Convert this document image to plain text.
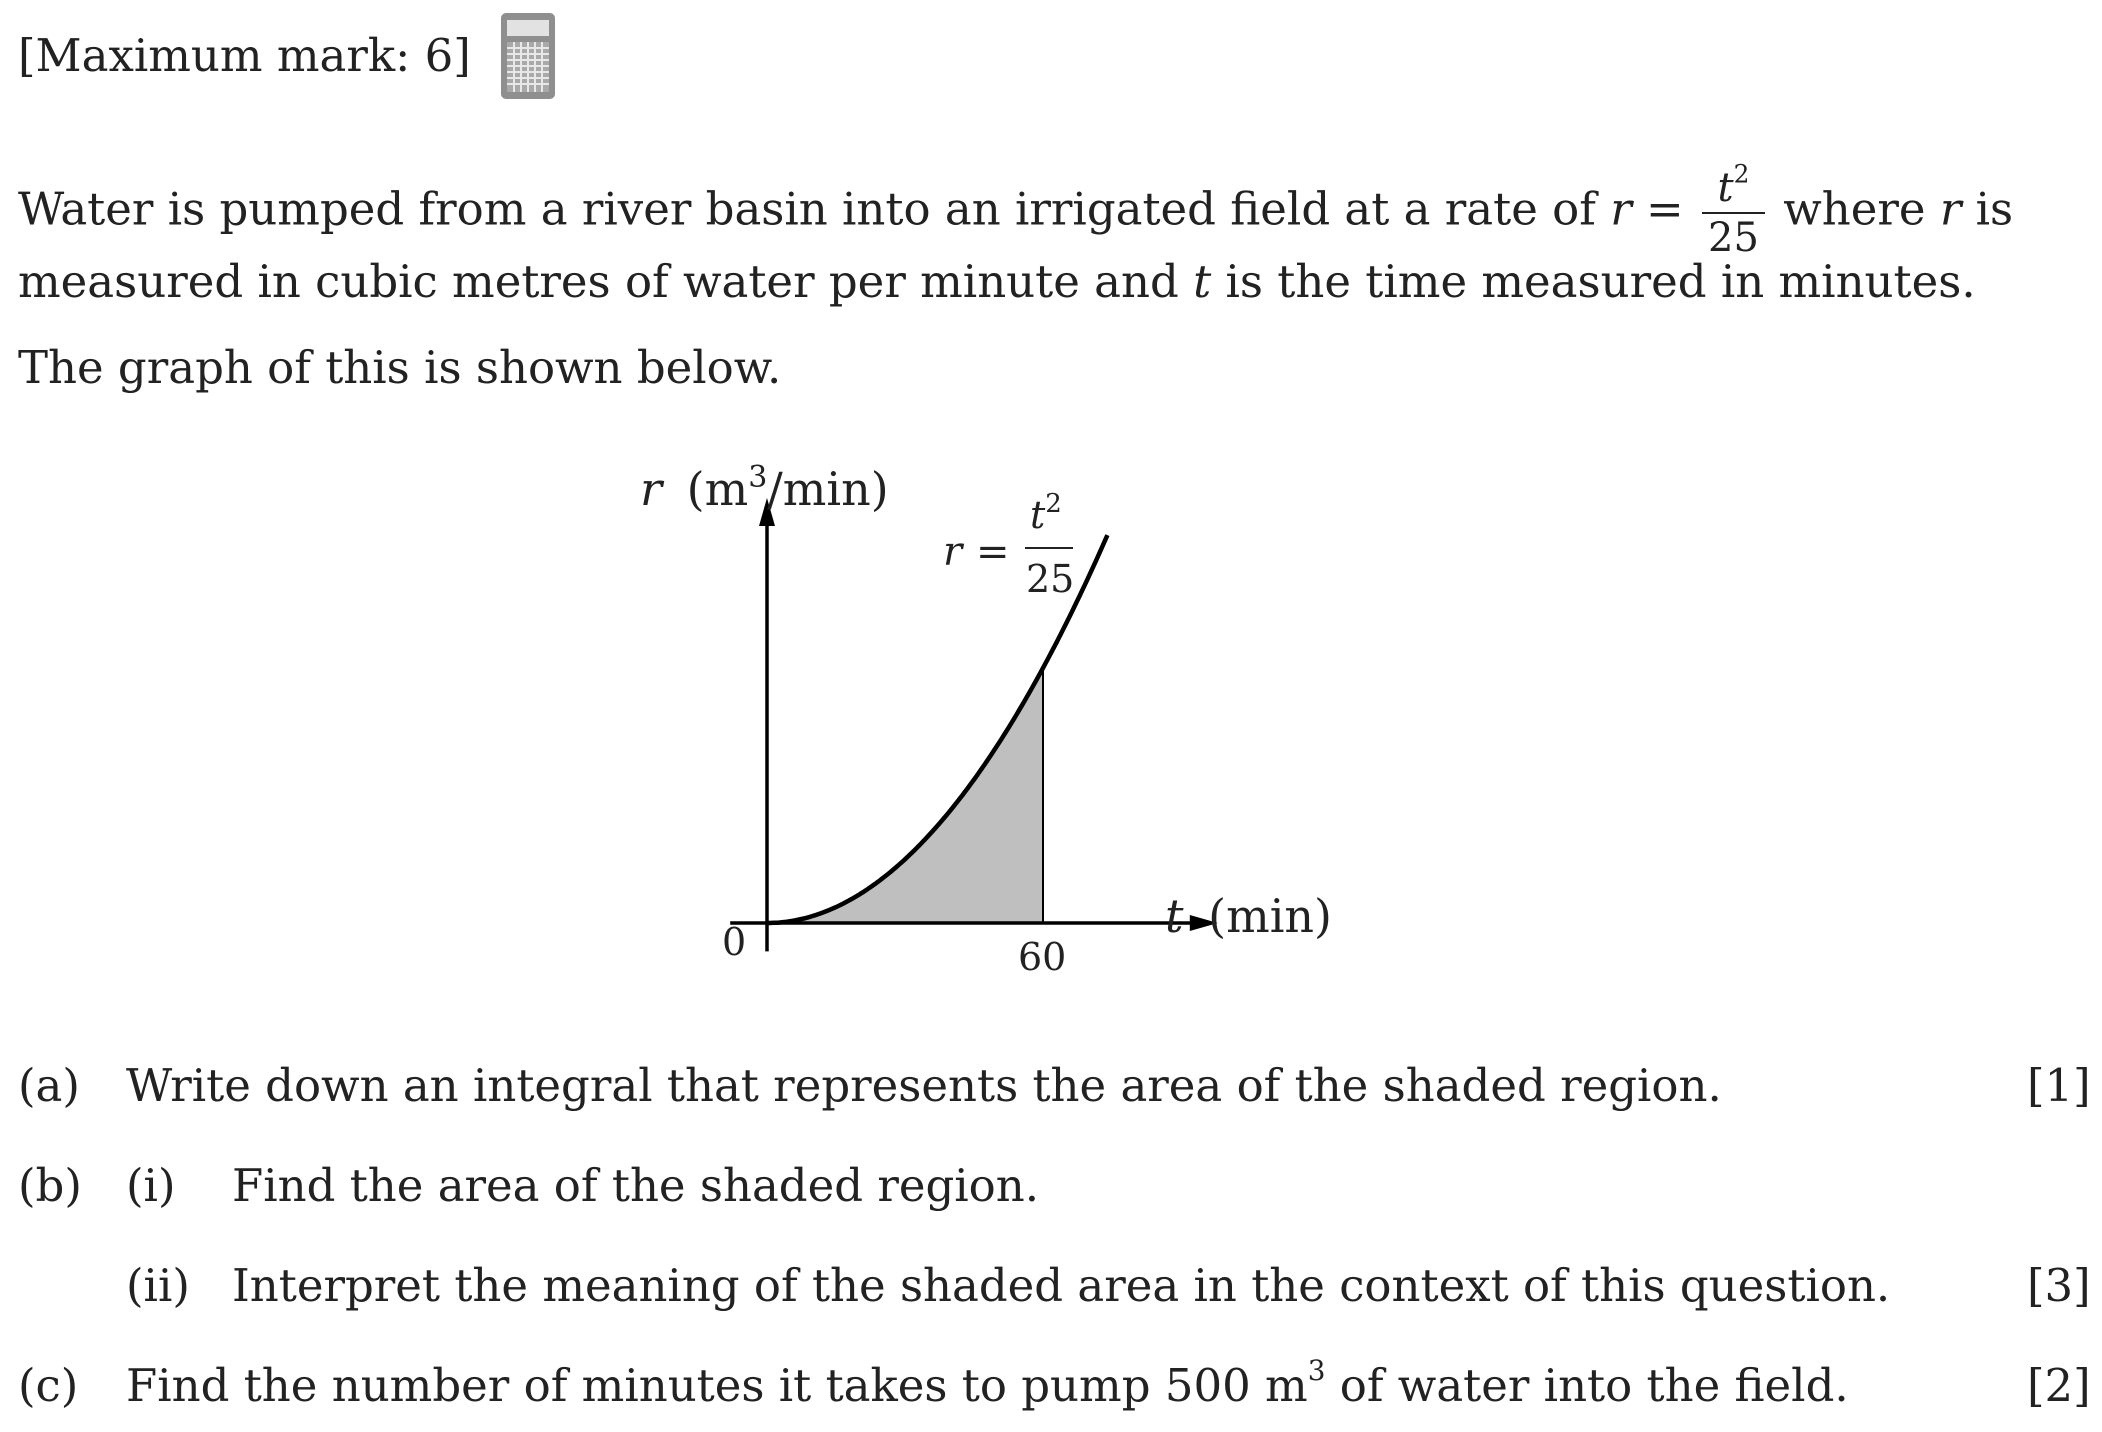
[Maximum mark: 6]
Water is pumped from a river basin into an irrigated field at a rate of $r = \frac{t^2}{25}$ where r is
measured in cubic metres of water per minute and t is the time measured in minutes.
The graph of this is shown below.
r $(m^3/\min)$
t (min)
0	60
r =
$t^2$
25
(a) Write down an integral that represents the area of the shaded region.	[1]
(b) (i) Find the area of the shaded region.
(ii) Interpret the meaning of the shaded area in the context of this question.	[3]
(c) Find the number of minutes it takes to pump 500 $m^3$ of water into the field.	[2]
